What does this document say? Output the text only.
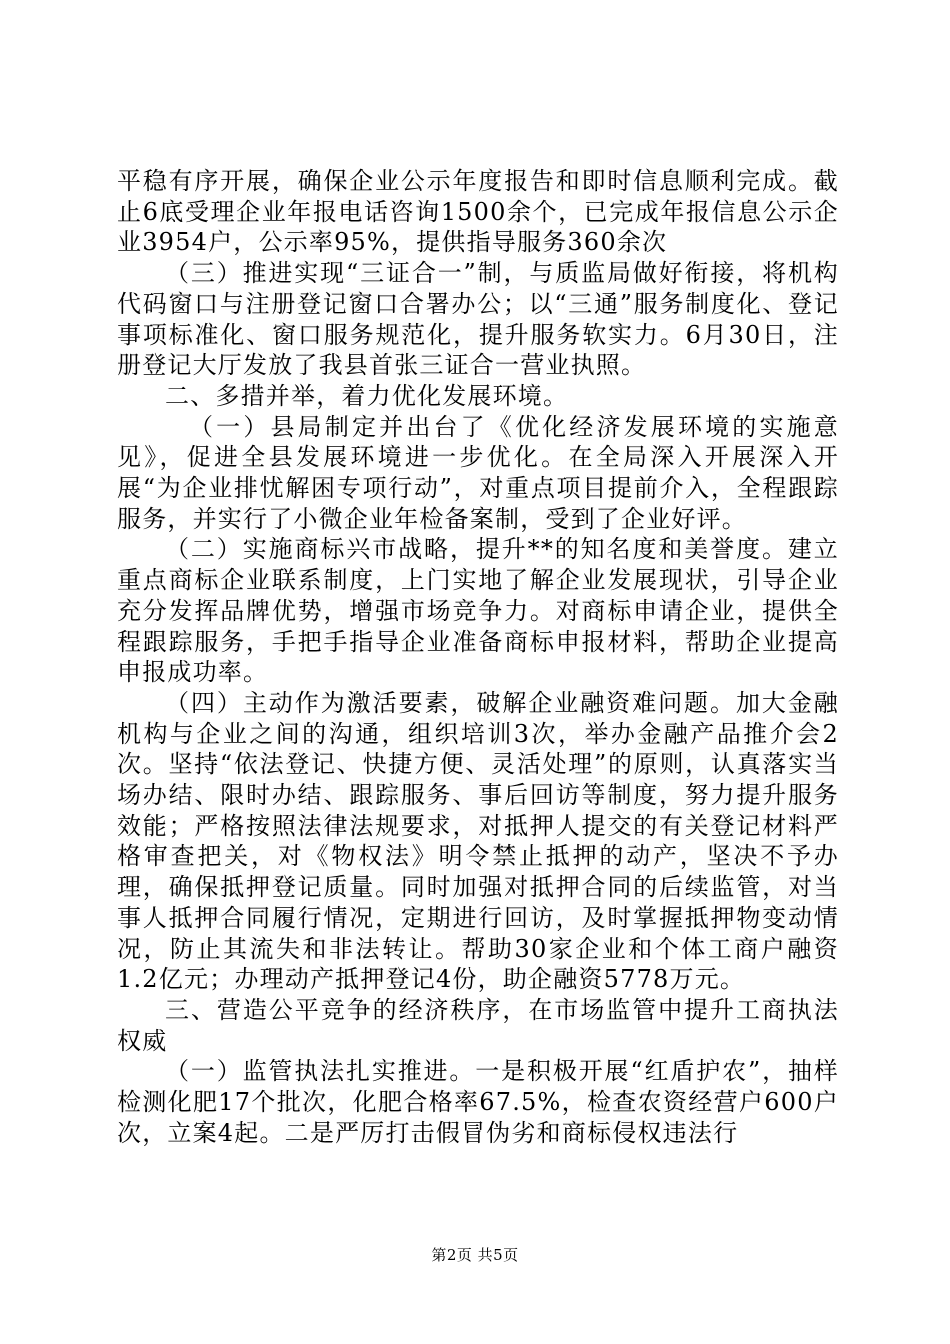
平稳有序开展，确保企业公示年度报告和即时信息顺利完成。截止6底受理企业年报电话咨询1500余个，已完成年报信息公示企业3954户，公示率95%，提供指导服务360余次

（三）推进实现“三证合一”制，与质监局做好衔接，将机构代码窗口与注册登记窗口合署办公；以“三通”服务制度化、登记事项标准化、窗口服务规范化，提升服务软实力。6月30日，注册登记大厅发放了我县首张三证合一营业执照。

二、多措并举，着力优化发展环境。

（一）县局制定并出台了《优化经济发展环境的实施意见》，促进全县发展环境进一步优化。在全局深入开展深入开展“为企业排忧解困专项行动”，对重点项目提前介入，全程跟踪服务，并实行了小微企业年检备案制，受到了企业好评。

（二）实施商标兴市战略，提升**的知名度和美誉度。建立重点商标企业联系制度，上门实地了解企业发展现状，引导企业充分发挥品牌优势，增强市场竞争力。对商标申请企业，提供全程跟踪服务，手把手指导企业准备商标申报材料，帮助企业提高申报成功率。

（四）主动作为激活要素，破解企业融资难问题。加大金融机构与企业之间的沟通，组织培训3次，举办金融产品推介会2次。坚持“依法登记、快捷方便、灵活处理”的原则，认真落实当场办结、限时办结、跟踪服务、事后回访等制度，努力提升服务效能；严格按照法律法规要求，对抵押人提交的有关登记材料严格审查把关，对《物权法》明令禁止抵押的动产，坚决不予办理，确保抵押登记质量。同时加强对抵押合同的后续监管，对当事人抵押合同履行情况，定期进行回访，及时掌握抵押物变动情况，防止其流失和非法转让。帮助30家企业和个体工商户融资1.2亿元；办理动产抵押登记4份，助企融资5778万元。

三、营造公平竞争的经济秩序，在市场监管中提升工商执法权威

（一）监管执法扎实推进。一是积极开展“红盾护农”，抽样检测化肥17个批次，化肥合格率67.5%，检查农资经营户600户次，立案4起。二是严厉打击假冒伪劣和商标侵权违法行

第2页 共5页
